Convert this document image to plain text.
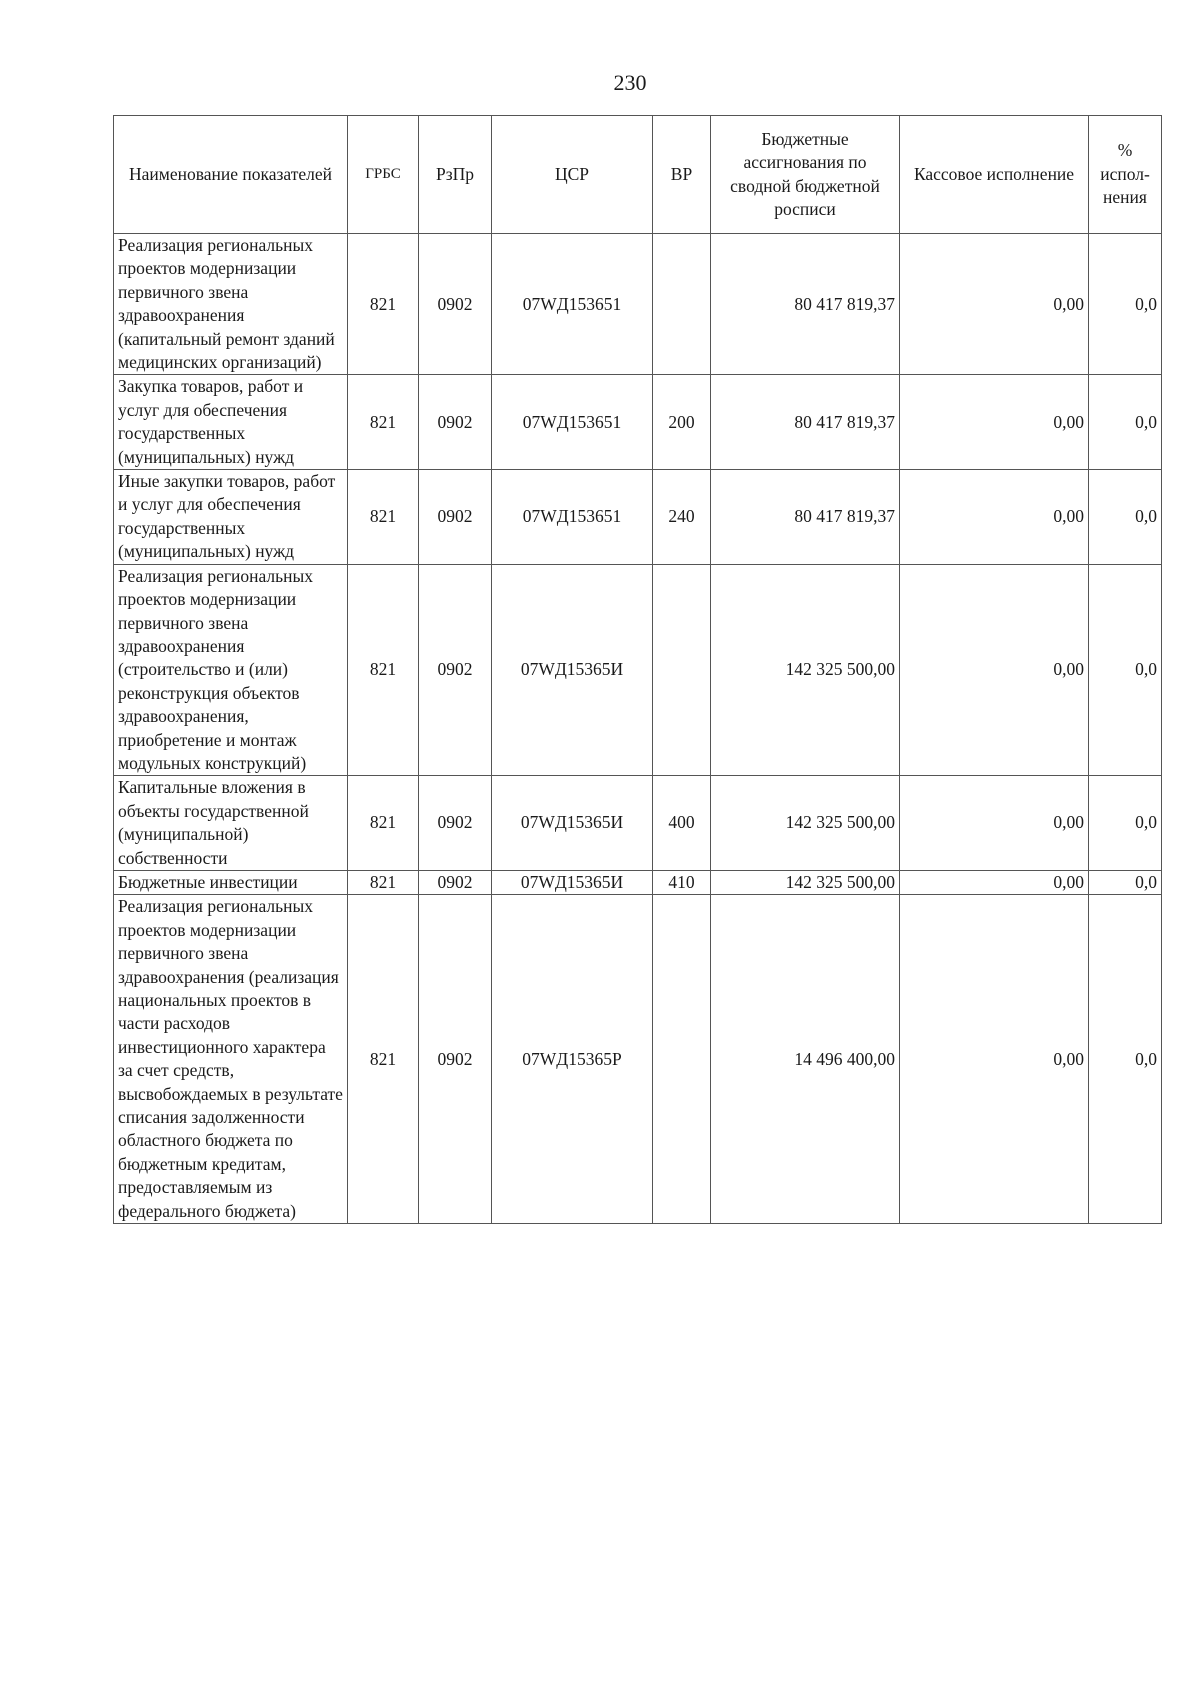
230
Наименование показателей	ГРБС	РзПр	ЦСР	ВР	Бюджетные ассигнования по сводной бюджетной росписи	Кассовое исполнение	% испол-нения
Реализация региональных проектов модернизации первичного звена здравоохранения (капитальный ремонт зданий медицинских организаций)	821	0902	07WД153651		80 417 819,37	0,00	0,0
Закупка товаров, работ и услуг для обеспечения государственных (муниципальных) нужд	821	0902	07WД153651	200	80 417 819,37	0,00	0,0
Иные закупки товаров, работ и услуг для обеспечения государственных (муниципальных) нужд	821	0902	07WД153651	240	80 417 819,37	0,00	0,0
Реализация региональных проектов модернизации первичного звена здравоохранения (строительство и (или) реконструкция объектов здравоохранения, приобретение и монтаж модульных конструкций)	821	0902	07WД15365И		142 325 500,00	0,00	0,0
Капитальные вложения в объекты государственной (муниципальной) собственности	821	0902	07WД15365И	400	142 325 500,00	0,00	0,0
Бюджетные инвестиции	821	0902	07WД15365И	410	142 325 500,00	0,00	0,0
Реализация региональных проектов модернизации первичного звена здравоохранения (реализация национальных проектов в части расходов инвестиционного характера за счет средств, высвобождаемых в результате списания задолженности областного бюджета по бюджетным кредитам, предоставляемым из федерального бюджета)	821	0902	07WД15365Р		14 496 400,00	0,00	0,0
